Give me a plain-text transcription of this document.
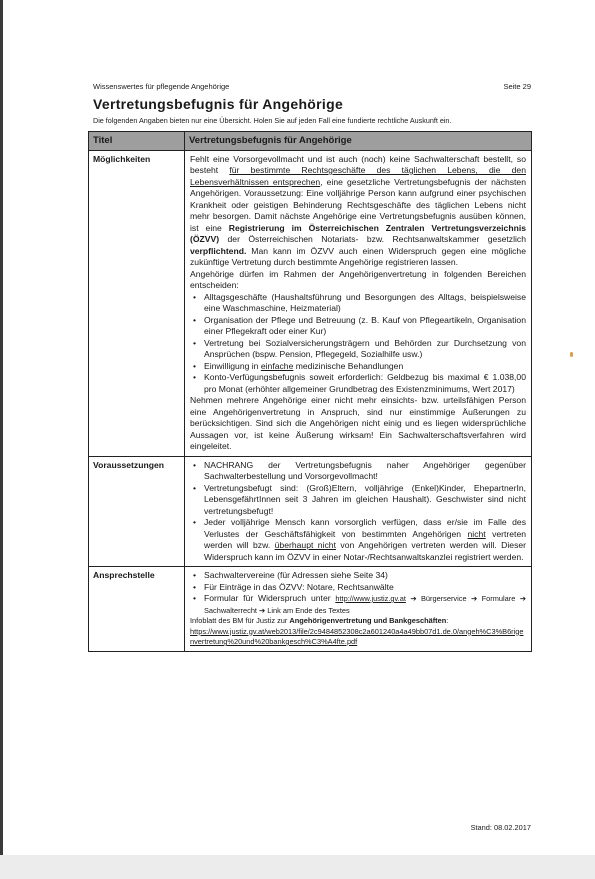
Wissenswertes für pflegende Angehörige	Seite 29
Vertretungsbefugnis für Angehörige
Die folgenden Angaben bieten nur eine Übersicht. Holen Sie auf jeden Fall eine fundierte rechtliche Auskunft ein.
Titel	Vertretungsbefugnis für Angehörige
Möglichkeiten	Fehlt eine Vorsorgevollmacht und ist auch (noch) keine Sachwalterschaft bestellt, so besteht für bestimmte Rechtsgeschäfte des täglichen Lebens, die den Lebensverhältnissen entsprechen, eine gesetzliche Vertretungsbefugnis der nächsten Angehörigen. Voraussetzung: Eine volljährige Person kann aufgrund einer psychischen Krankheit oder geistigen Behinderung Rechtsgeschäfte des täglichen Lebens nicht mehr besorgen. Damit nächste Angehörige eine Vertretungsbefugnis ausüben können, ist eine Registrierung im Österreichischen Zentralen Vertretungsverzeichnis (ÖZVV) der Österreichischen Notariats- bzw. Rechtsanwaltskammer gesetzlich verpflichtend. Man kann im ÖZVV auch einen Widerspruch gegen eine mögliche zukünftige Vertretung durch bestimmte Angehörige registrieren lassen.

Angehörige dürfen im Rahmen der Angehörigenvertretung in folgenden Bereichen entscheiden:

• Alltagsgeschäfte (Haushaltsführung und Besorgungen des Alltags, beispielsweise eine Waschmaschine, Heizmaterial)
• Organisation der Pflege und Betreuung (z. B. Kauf von Pflegeartikeln, Organisation einer Pflegekraft oder einer Kur)
• Vertretung bei Sozialversicherungsträgern und Behörden zur Durchsetzung von Ansprüchen (bspw. Pension, Pflegegeld, Sozialhilfe usw.)
• Einwilligung in einfache medizinische Behandlungen
• Konto-Verfügungsbefugnis soweit erforderlich: Geldbezug bis maximal € 1.038,00 pro Monat (erhöhter allgemeiner Grundbetrag des Existenzminimums, Wert 2017)

Nehmen mehrere Angehörige einer nicht mehr einsichts- bzw. urteilsfähigen Person eine Angehörigenvertretung in Anspruch, sind nur einstimmige Äußerungen zu berücksichtigen. Sind sich die Angehörigen nicht einig und es liegen widersprüchliche Aussagen vor, ist keine Äußerung wirksam! Ein Sachwalterschaftsverfahren wird eingeleitet.

Voraussetzungen	• NACHRANG der Vertretungsbefugnis naher Angehöriger gegenüber Sachwalterbestellung und Vorsorgevollmacht!
• Vertretungsbefugt sind: (Groß)Eltern, volljährige (Enkel)Kinder, EhepartnerIn, LebensgefährtInnen seit 3 Jahren im gleichen Haushalt). Geschwister sind nicht vertretungsbefugt!
• Jeder volljährige Mensch kann vorsorglich verfügen, dass er/sie im Falle des Verlustes der Geschäftsfähigkeit von bestimmten Angehörigen nicht vertreten werden will bzw. überhaupt nicht von Angehörigen vertreten werden will. Dieser Widerspruch kann im ÖZVV in einer Notar-/Rechtsanwaltskanzlei registriert werden.
Ansprechstelle	• Sachwaltervereine (für Adressen siehe Seite 34)
• Für Einträge in das ÖZVV: Notare, Rechtsanwälte
• Formular für Widerspruch unter http://www.justiz.gv.at ➔ Bürgerservice ➔ Formulare ➔ Sachwalterrecht ➔ Link am Ende des Textes

Infoblatt des BM für Justiz zur Angehörigenvertretung und Bankgeschäften:

https://www.justiz.gv.at/web2013/file/2c9484852308c2a601240a4a49bb07d1.de.0/angeh%C3%B6rigenvertretung%20und%20bankgesch%C3%A4fte.pdf

Stand: 08.02.2017
